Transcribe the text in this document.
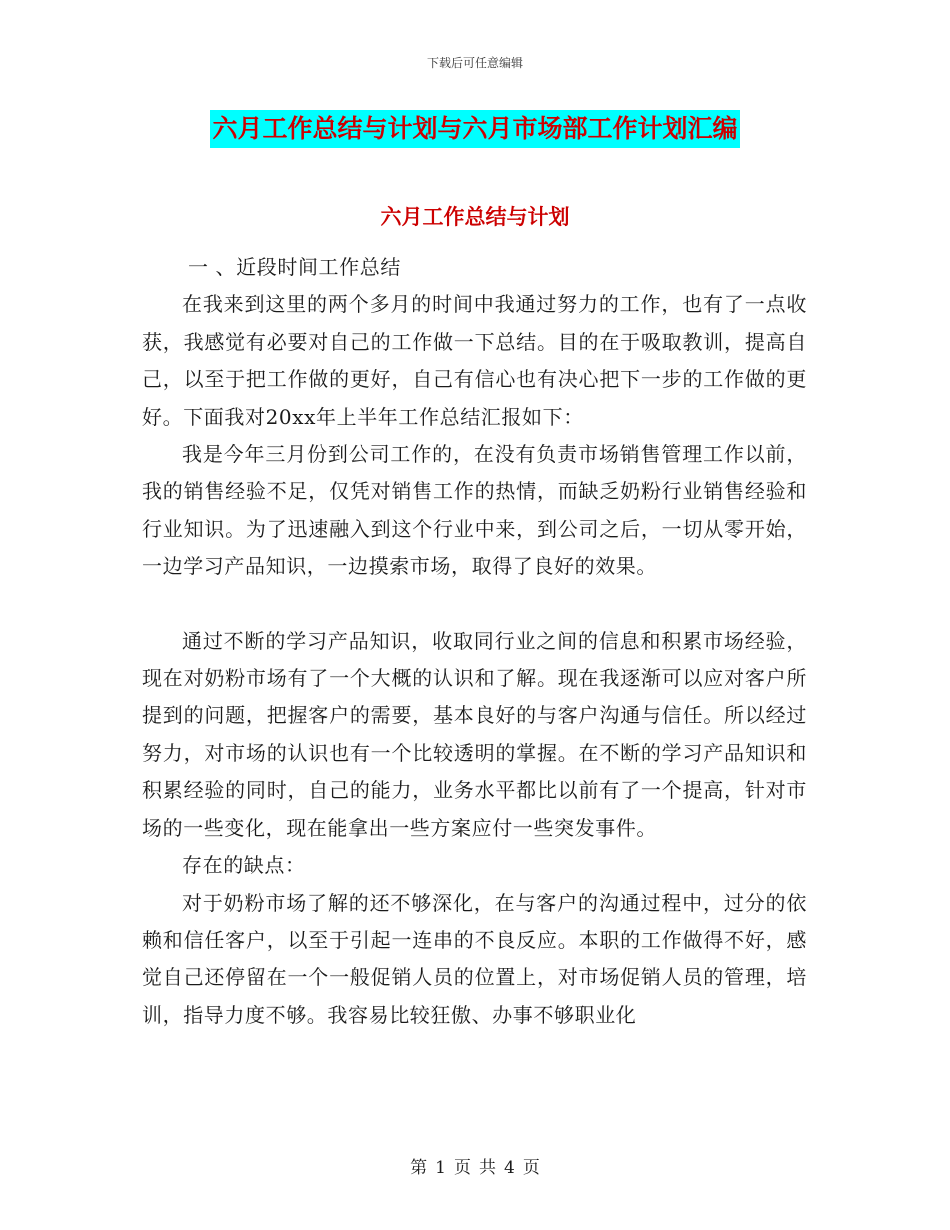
下载后可任意编辑
六月工作总结与计划与六月市场部工作计划汇编
六月工作总结与计划

一 、近段时间工作总结

在我来到这里的两个多月的时间中我通过努力的工作，也有了一点收获，我感觉有必要对自己的工作做一下总结。目的在于吸取教训，提高自己，以至于把工作做的更好，自己有信心也有决心把下一步的工作做的更好。下面我对20xx年上半年工作总结汇报如下：

我是今年三月份到公司工作的，在没有负责市场销售管理工作以前，我的销售经验不足，仅凭对销售工作的热情，而缺乏奶粉行业销售经验和行业知识。为了迅速融入到这个行业中来，到公司之后，一切从零开始，一边学习产品知识，一边摸索市场，取得了良好的效果。

通过不断的学习产品知识，收取同行业之间的信息和积累市场经验，现在对奶粉市场有了一个大概的认识和了解。现在我逐渐可以应对客户所提到的问题，把握客户的需要，基本良好的与客户沟通与信任。所以经过努力，对市场的认识也有一个比较透明的掌握。在不断的学习产品知识和积累经验的同时，自己的能力，业务水平都比以前有了一个提高，针对市场的一些变化，现在能拿出一些方案应付一些突发事件。

存在的缺点：

对于奶粉市场了解的还不够深化，在与客户的沟通过程中，过分的依赖和信任客户，以至于引起一连串的不良反应。本职的工作做得不好，感觉自己还停留在一个一般促销人员的位置上，对市场促销人员的管理，培训，指导力度不够。我容易比较狂傲、办事不够职业化

第 1 页 共 4 页
